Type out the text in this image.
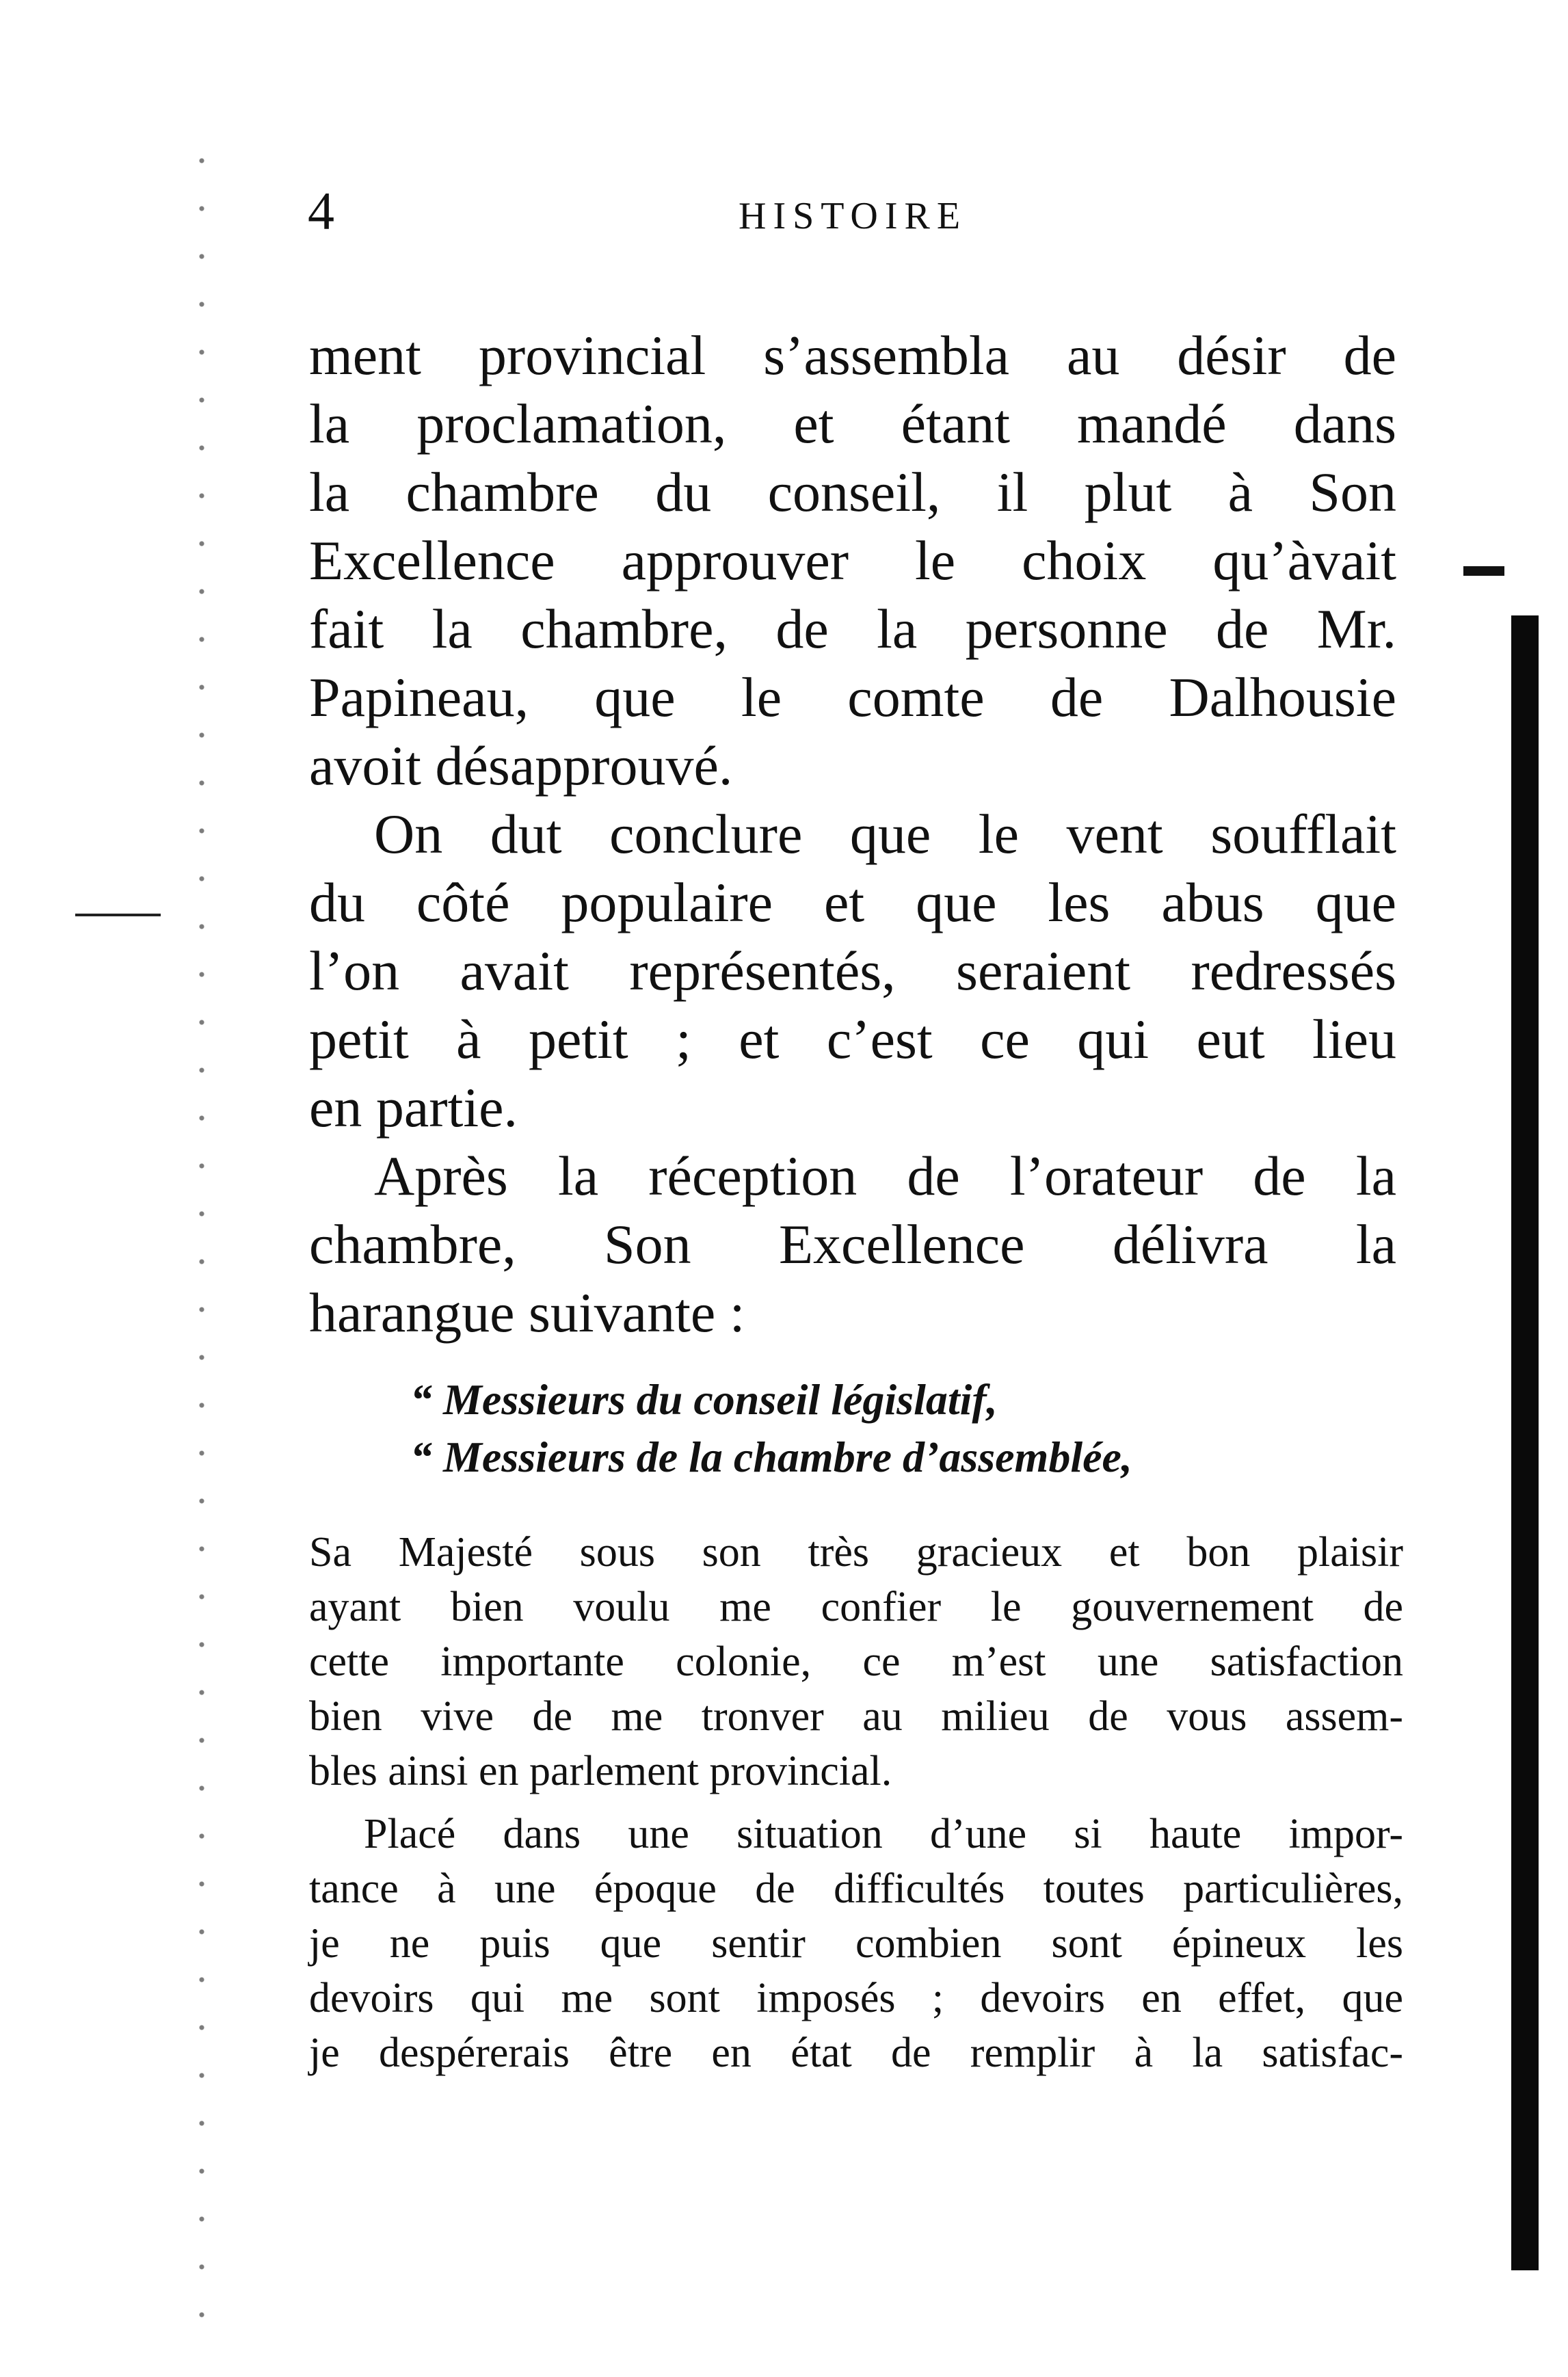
4	HISTOIRE
ment provincial s’assembla au désir de
la proclamation, et étant mandé dans
la chambre du conseil, il plut à Son
Excellence approuver le choix qu’àvait
fait la chambre, de la personne de Mr.
Papineau, que le comte de Dalhousie
avoit désapprouvé.
On dut conclure que le vent soufflait
du côté populaire et que les abus que
l’on avait représentés, seraient redressés
petit à petit ; et c’est ce qui eut lieu
en partie.
Après la réception de l’orateur de la
chambre, Son Excellence délivra la
harangue suivante :
“ Messieurs du conseil législatif,
“ Messieurs de la chambre d’assemblée,
Sa Majesté sous son très gracieux et bon plaisir
ayant bien voulu me confier le gouvernement de
cette importante colonie, ce m’est une satisfaction
bien vive de me tronver au milieu de vous assem-
bles ainsi en parlement provincial.
Placé dans une situation d’une si haute impor-
tance à une époque de difficultés toutes particulières,
je ne puis que sentir combien sont épineux les
devoirs qui me sont imposés ; devoirs en effet, que
je despérerais être en état de remplir à la satisfac-
